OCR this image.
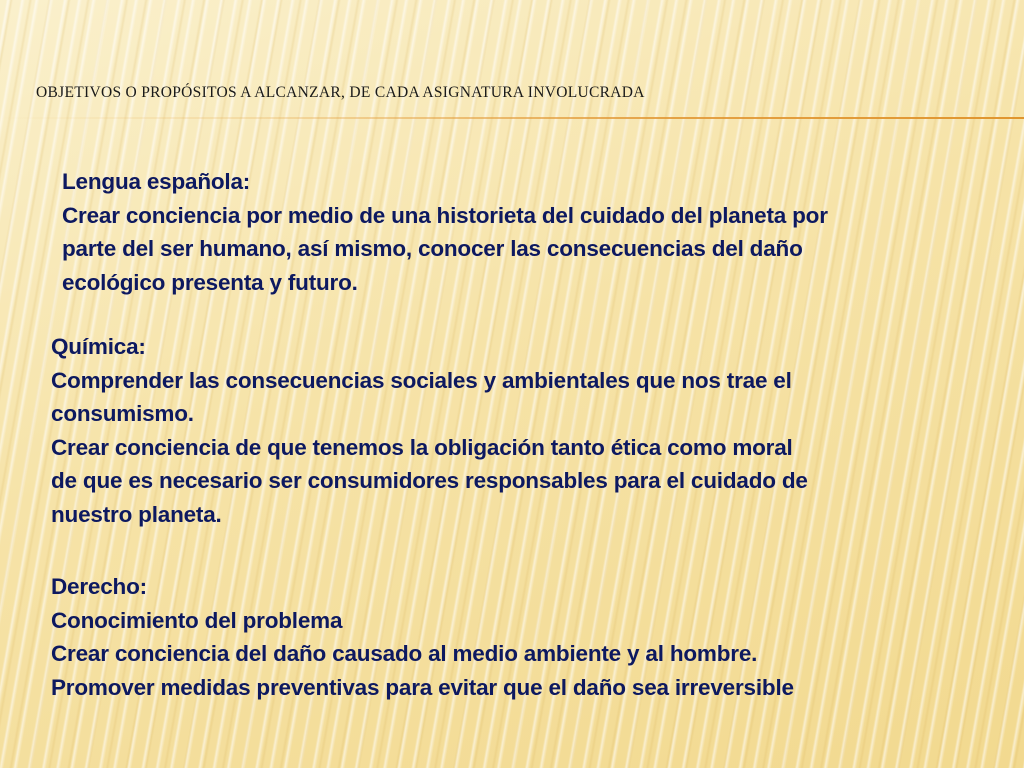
OBJETIVOS O PROPÓSITOS A ALCANZAR, DE CADA ASIGNATURA INVOLUCRADA
Lengua española:
Crear conciencia por medio de una historieta del cuidado del planeta por
parte del ser humano, así mismo, conocer las consecuencias del daño
ecológico presenta y futuro.
Química:
Comprender las consecuencias sociales y ambientales que nos trae el
consumismo.
Crear conciencia de que tenemos la obligación tanto ética como moral
de que es necesario ser consumidores responsables para el cuidado de
nuestro planeta.
Derecho:
Conocimiento del problema
Crear conciencia del daño causado al medio ambiente y al hombre.
Promover medidas preventivas para evitar que el daño sea irreversible
